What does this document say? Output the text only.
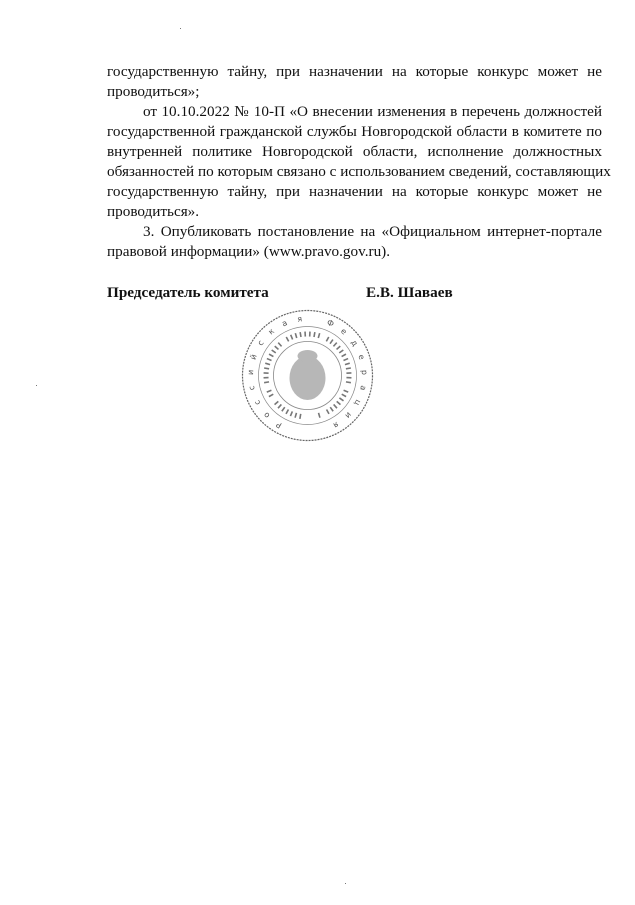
государственную тайну, при назначении на которые конкурс может не
проводиться»;
от 10.10.2022 № 10-П «О внесении изменения в перечень должностей
государственной гражданской службы Новгородской области в комитете по
внутренней политике Новгородской области, исполнение должностных
обязанностей по которым связано с использованием сведений, составляющих
государственную тайну, при назначении на которые конкурс может не
проводиться».
3. Опубликовать постановление на «Официальном интернет-портале
правовой информации» (www.pravo.gov.ru).
Р
о
с
с
и
й
с
к
а я	Ф
е
д
е
р
а
ц
и
я
Председатель комитета	Е.В. Шаваев
